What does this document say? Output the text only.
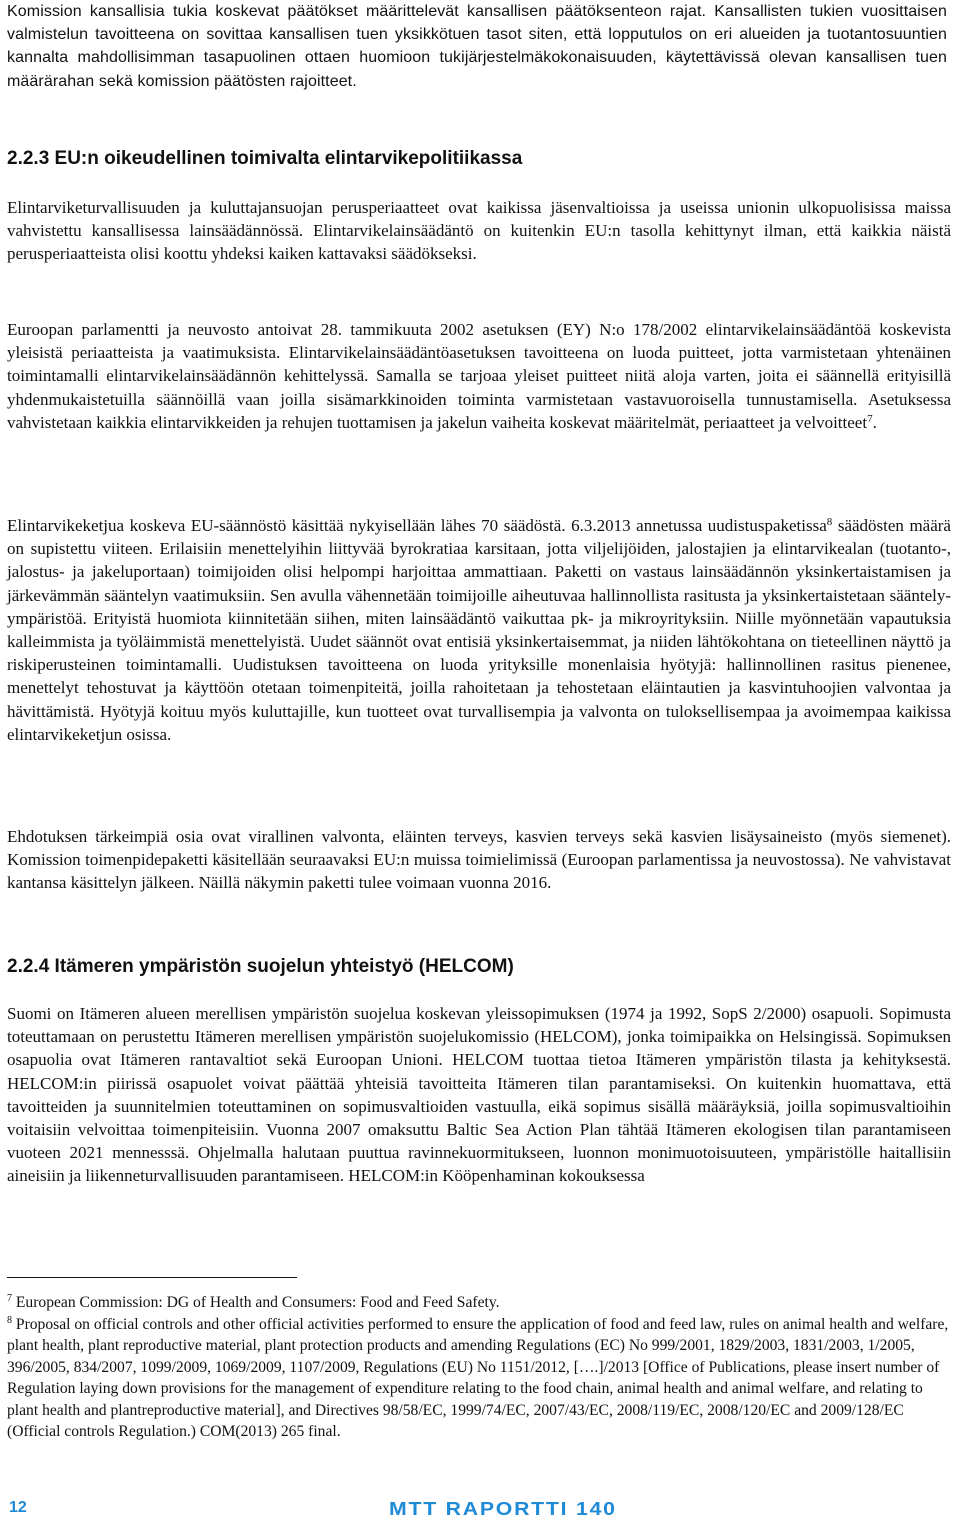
Komission kansallisia tukia koskevat päätökset määrittelevät kansallisen päätöksenteon rajat. Kansallisten tukien vuosittaisen valmistelun tavoitteena on sovittaa kansallisen tuen yksikkötuen tasot siten, että lopputulos on eri alueiden ja tuotantosuuntien kannalta mahdollisimman tasapuolinen ottaen huomioon tukijärjestelmäkokonaisuuden, käytettävissä olevan kansallisen tuen määrärahan sekä komission päätösten rajoitteet.

2.2.3 EU:n oikeudellinen toimivalta elintarvikepolitiikassa

Elintarviketurvallisuuden ja kuluttajansuojan perusperiaatteet ovat kaikissa jäsenvaltioissa ja useissa unionin ulkopuolisissa maissa vahvistettu kansallisessa lainsäädännössä. Elintarvikelainsäädäntö on kuitenkin EU:n tasolla kehittynyt ilman, että kaikkia näistä perusperiaatteista olisi koottu yhdeksi kaiken kattavaksi säädökseksi.

Euroopan parlamentti ja neuvosto antoivat 28. tammikuuta 2002 asetuksen (EY) N:o 178/2002 elintarvikelainsäädäntöä koskevista yleisistä periaatteista ja vaatimuksista. Elintarvikelainsäädäntöasetuksen tavoitteena on luoda puitteet, jotta varmistetaan yhtenäinen toimintamalli elintarvikelainsäädännön kehittelyssä. Samalla se tarjoaa yleiset puitteet niitä aloja varten, joita ei säännellä erityisillä yhdenmukaistetuilla säännöillä vaan joilla sisämarkkinoiden toiminta varmistetaan vastavuoroisella tunnustamisella. Asetuksessa vahvistetaan kaikkia elintarvikkeiden ja rehujen tuottamisen ja jakelun vaiheita koskevat määritelmät, periaatteet ja velvoitteet$^7$.

Elintarvikeketjua koskeva EU-säännöstö käsittää nykyisellään lähes 70 säädöstä. 6.3.2013 annetussa uudistuspaketissa$^8$ säädösten määrä on supistettu viiteen. Erilaisiin menettelyihin liittyvää byrokratiaa karsitaan, jotta viljelijöiden, jalostajien ja elintarvikealan (tuotanto-, jalostus- ja jakeluportaan) toimijoiden olisi helpompi harjoittaa ammattiaan. Paketti on vastaus lainsäädännön yksinkertaistamisen ja järkevämmän sääntelyn vaatimuksiin. Sen avulla vähennetään toimijoille aiheutuvaa hallinnollista rasitusta ja yksinkertaistetaan sääntely-ympäristöä. Erityistä huomiota kiinnitetään siihen, miten lainsäädäntö vaikuttaa pk- ja mikroyrityksiin. Niille myönnetään vapautuksia kalleimmista ja työläimmistä menettelyistä. Uudet säännöt ovat entisiä yksinkertaisemmat, ja niiden lähtökohtana on tieteellinen näyttö ja riskiperusteinen toimintamalli. Uudistuksen tavoitteena on luoda yrityksille monenlaisia hyötyjä: hallinnollinen rasitus pienenee, menettelyt tehostuvat ja käyttöön otetaan toimenpiteitä, joilla rahoitetaan ja tehostetaan eläintautien ja kasvintuhoojien valvontaa ja hävittämistä. Hyötyjä koituu myös kuluttajille, kun tuotteet ovat turvallisempia ja valvonta on tuloksellisempaa ja avoimempaa kaikissa elintarvikeketjun osissa.

Ehdotuksen tärkeimpiä osia ovat virallinen valvonta, eläinten terveys, kasvien terveys sekä kasvien lisäysaineisto (myös siemenet). Komission toimenpidepaketti käsitellään seuraavaksi EU:n muissa toimielimissä (Euroopan parlamentissa ja neuvostossa). Ne vahvistavat kantansa käsittelyn jälkeen. Näillä näkymin paketti tulee voimaan vuonna 2016.

2.2.4 Itämeren ympäristön suojelun yhteistyö (HELCOM)

Suomi on Itämeren alueen merellisen ympäristön suojelua koskevan yleissopimuksen (1974 ja 1992, SopS 2/2000) osapuoli. Sopimusta toteuttamaan on perustettu Itämeren merellisen ympäristön suojelukomissio (HELCOM), jonka toimipaikka on Helsingissä. Sopimuksen osapuolia ovat Itämeren rantavaltiot sekä Euroopan Unioni. HELCOM tuottaa tietoa Itämeren ympäristön tilasta ja kehityksestä. HELCOM:in piirissä osapuolet voivat päättää yhteisiä tavoitteita Itämeren tilan parantamiseksi. On kuitenkin huomattava, että tavoitteiden ja suunnitelmien toteuttaminen on sopimusvaltioiden vastuulla, eikä sopimus sisällä määräyksiä, joilla sopimusvaltioihin voitaisiin velvoittaa toimenpiteisiin. Vuonna 2007 omaksuttu Baltic Sea Action Plan tähtää Itämeren ekologisen tilan parantamiseen vuoteen 2021 mennesssä. Ohjelmalla halutaan puuttua ravinnekuormitukseen, luonnon monimuotoisuuteen, ympäristölle haitallisiin aineisiin ja liikenneturvallisuuden parantamiseen. HELCOM:in Kööpenhaminan kokouksessa

$^7$ European Commission: DG of Health and Consumers: Food and Feed Safety.

$^8$ Proposal on official controls and other official activities performed to ensure the application of food and feed law, rules on animal health and welfare, plant health, plant reproductive material, plant protection products and amending Regulations (EC) No 999/2001, 1829/2003, 1831/2003, 1/2005, 396/2005, 834/2007, 1099/2009, 1069/2009, 1107/2009, Regulations (EU) No 1151/2012, [….]/2013 [Office of Publications, please insert number of Regulation laying down provisions for the management of expenditure relating to the food chain, animal health and animal welfare, and relating to plant health and plantreproductive material], and Directives 98/58/EC, 1999/74/EC, 2007/43/EC, 2008/119/EC, 2008/120/EC and 2009/128/EC (Official controls Regulation.) COM(2013) 265 final.

12	MTT RAPORTTI 140
